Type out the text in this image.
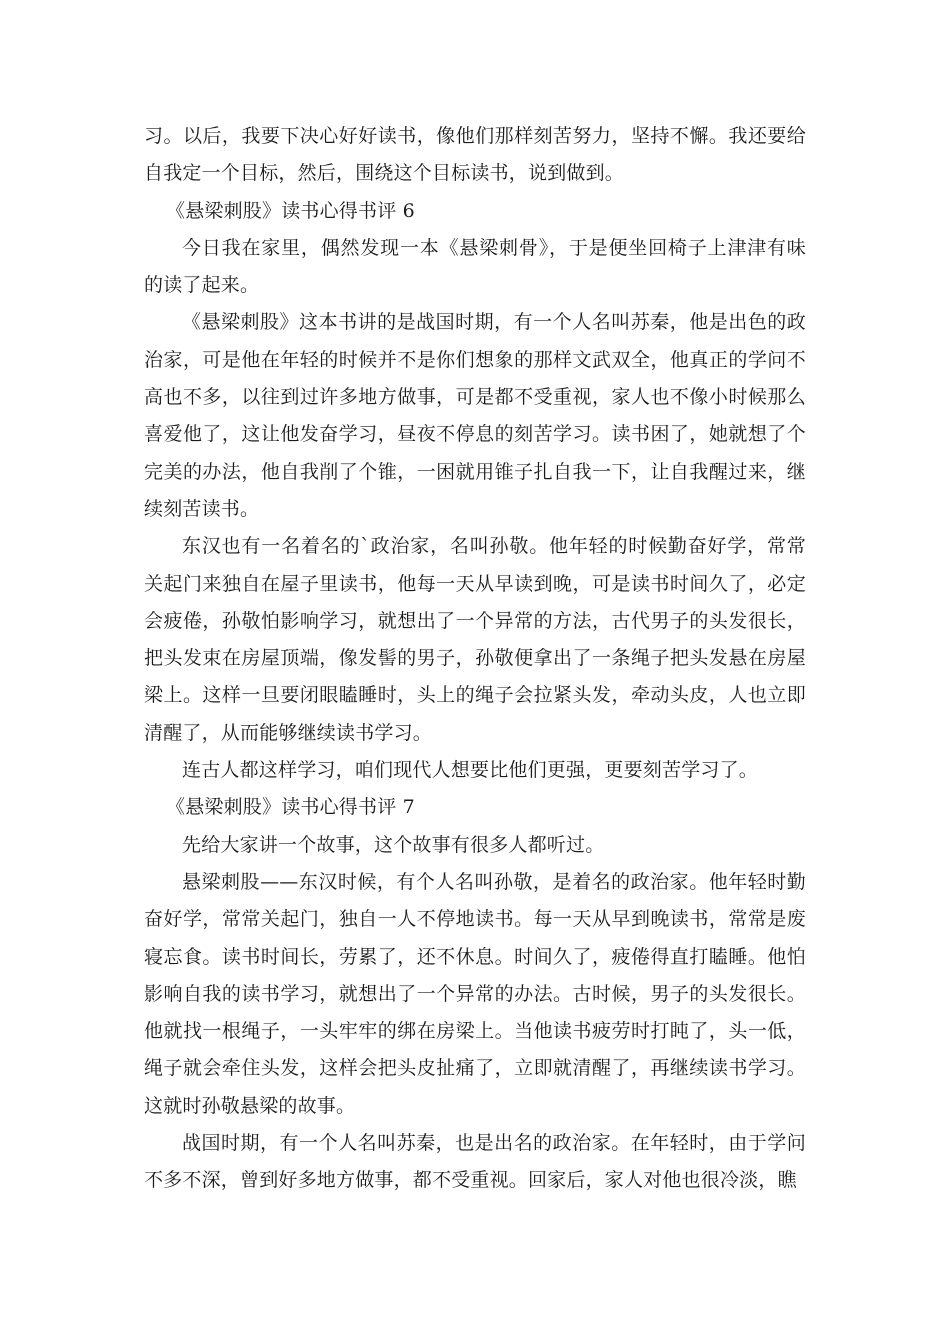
习。以后，我要下决心好好读书，像他们那样刻苦努力，坚持不懈。我还要给自我定一个目标，然后，围绕这个目标读书，说到做到。

《悬梁刺股》读书心得书评 6

今日我在家里，偶然发现一本《悬梁刺骨》，于是便坐回椅子上津津有味的读了起来。

《悬梁刺股》这本书讲的是战国时期，有一个人名叫苏秦，他是出色的政治家，可是他在年轻的时候并不是你们想象的那样文武双全，他真正的学问不高也不多，以往到过许多地方做事，可是都不受重视，家人也不像小时候那么喜爱他了，这让他发奋学习，昼夜不停息的刻苦学习。读书困了，她就想了个完美的办法，他自我削了个锥，一困就用锥子扎自我一下，让自我醒过来，继续刻苦读书。

东汉也有一名着名的`政治家，名叫孙敬。他年轻的时候勤奋好学，常常关起门来独自在屋子里读书，他每一天从早读到晚，可是读书时间久了，必定会疲倦，孙敬怕影响学习，就想出了一个异常的方法，古代男子的头发很长，把头发束在房屋顶端，像发髻的男子，孙敬便拿出了一条绳子把头发悬在房屋梁上。这样一旦要闭眼瞌睡时，头上的绳子会拉紧头发，牵动头皮，人也立即清醒了，从而能够继续读书学习。

连古人都这样学习，咱们现代人想要比他们更强，更要刻苦学习了。

《悬梁刺股》读书心得书评 7

先给大家讲一个故事，这个故事有很多人都听过。

悬梁刺股——东汉时候，有个人名叫孙敬，是着名的政治家。他年轻时勤奋好学，常常关起门，独自一人不停地读书。每一天从早到晚读书，常常是废寝忘食。读书时间长，劳累了，还不休息。时间久了，疲倦得直打瞌睡。他怕影响自我的读书学习，就想出了一个异常的办法。古时候，男子的头发很长。他就找一根绳子，一头牢牢的绑在房梁上。当他读书疲劳时打盹了，头一低，绳子就会牵住头发，这样会把头皮扯痛了，立即就清醒了，再继续读书学习。这就时孙敬悬梁的故事。

战国时期，有一个人名叫苏秦，也是出名的政治家。在年轻时，由于学问不多不深，曾到好多地方做事，都不受重视。回家后，家人对他也很冷淡，瞧
